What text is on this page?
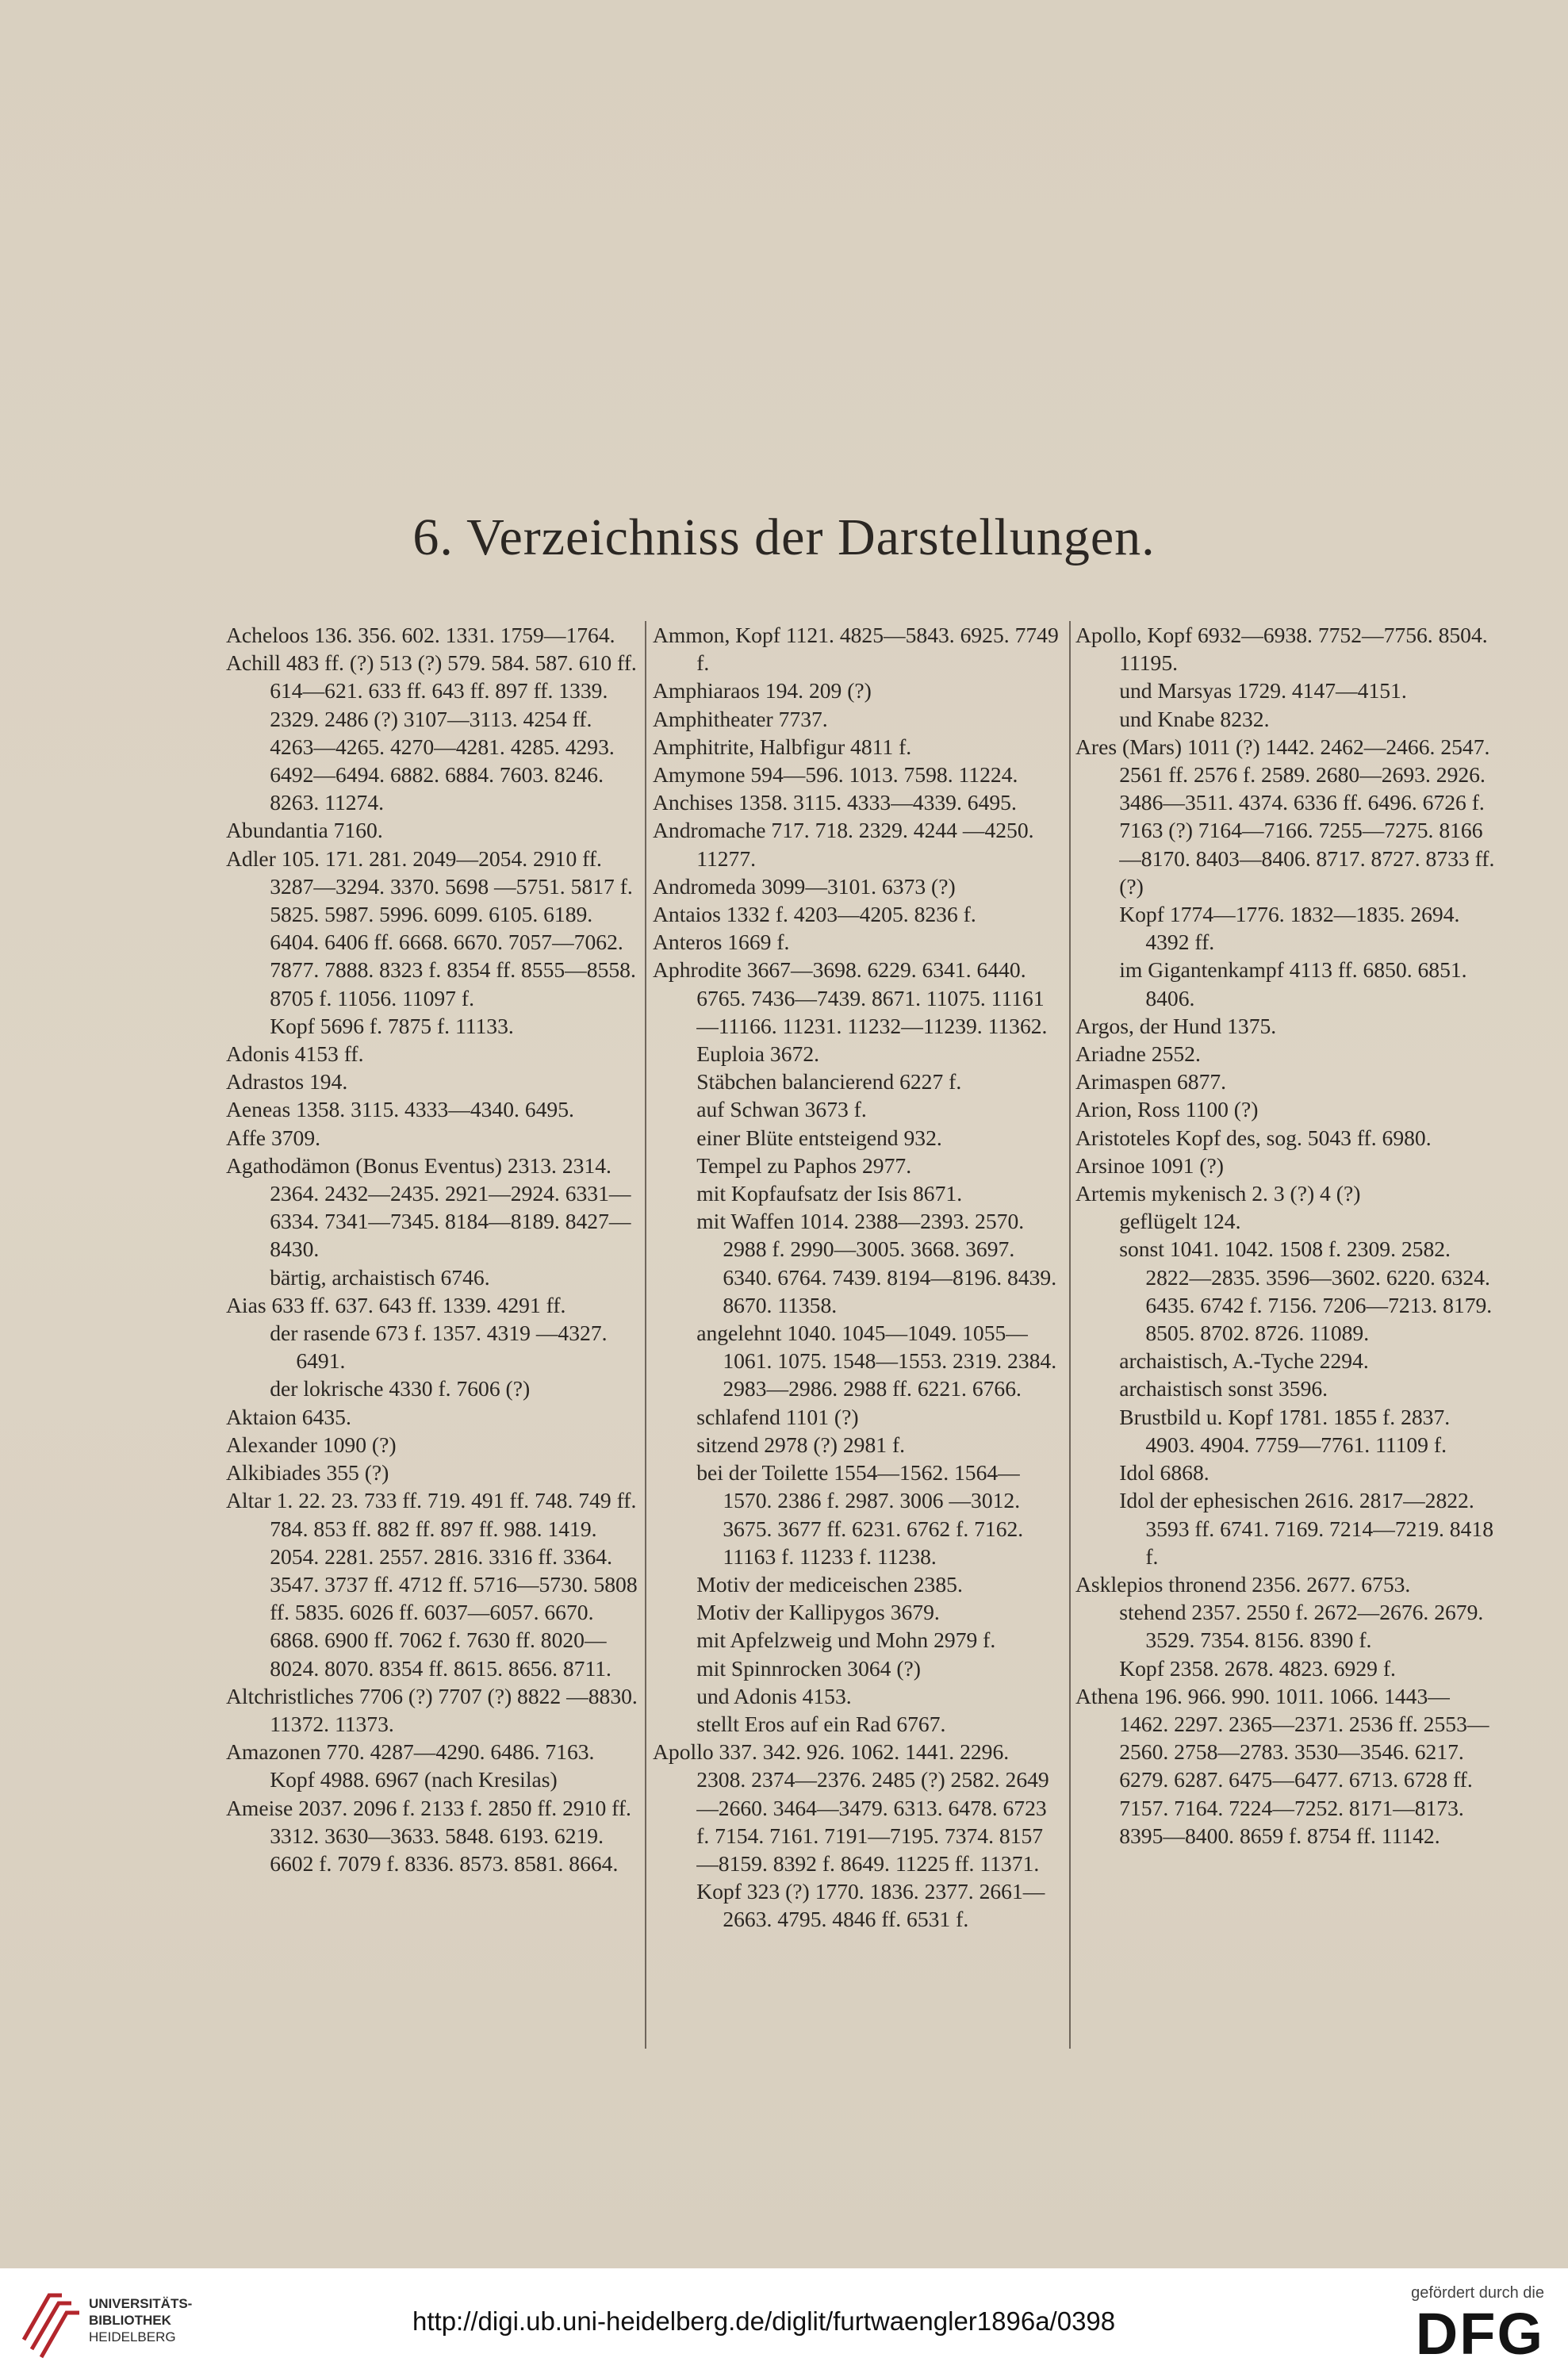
6. Verzeichniss der Darstellungen.
Acheloos 136. 356. 602. 1331. 1759—1764.
Achill 483 ff. (?) 513 (?) 579. 584. 587. 610 ff. 614—621. 633 ff. 643 ff. 897 ff. 1339. 2329. 2486 (?) 3107—3113. 4254 ff. 4263—4265. 4270—4281. 4285. 4293. 6492—6494. 6882. 6884. 7603. 8246. 8263. 11274.
Abundantia 7160.
Adler 105. 171. 281. 2049—2054. 2910 ff. 3287—3294. 3370. 5698 —5751. 5817 f. 5825. 5987. 5996. 6099. 6105. 6189. 6404. 6406 ff. 6668. 6670. 7057—7062. 7877. 7888. 8323 f. 8354 ff. 8555—8558. 8705 f. 11056. 11097 f.
Kopf 5696 f. 7875 f. 11133.
Adonis 4153 ff.
Adrastos 194.
Aeneas 1358. 3115. 4333—4340. 6495.
Affe 3709.
Agathodämon (Bonus Eventus) 2313. 2314. 2364. 2432—2435. 2921—2924. 6331—6334. 7341—7345. 8184—8189. 8427—8430.
bärtig, archaistisch 6746.
Aias 633 ff. 637. 643 ff. 1339. 4291 ff.
der rasende 673 f. 1357. 4319 —4327. 6491.
der lokrische 4330 f. 7606 (?)
Aktaion 6435.
Alexander 1090 (?)
Alkibiades 355 (?)
Altar 1. 22. 23. 733 ff. 719. 491 ff. 748. 749 ff. 784. 853 ff. 882 ff. 897 ff. 988. 1419. 2054. 2281. 2557. 2816. 3316 ff. 3364. 3547. 3737 ff. 4712 ff. 5716—5730. 5808 ff. 5835. 6026 ff. 6037—6057. 6670. 6868. 6900 ff. 7062 f. 7630 ff. 8020—8024. 8070. 8354 ff. 8615. 8656. 8711.
Altchristliches 7706 (?) 7707 (?) 8822 —8830. 11372. 11373.
Amazonen 770. 4287—4290. 6486. 7163.
Kopf 4988. 6967 (nach Kresilas)
Ameise 2037. 2096 f. 2133 f. 2850 ff. 2910 ff. 3312. 3630—3633. 5848. 6193. 6219. 6602 f. 7079 f. 8336. 8573. 8581. 8664.
Ammon, Kopf 1121. 4825—5843. 6925. 7749 f.
Amphiaraos 194. 209 (?)
Amphitheater 7737.
Amphitrite, Halbfigur 4811 f.
Amymone 594—596. 1013. 7598. 11224.
Anchises 1358. 3115. 4333—4339. 6495.
Andromache 717. 718. 2329. 4244 —4250. 11277.
Andromeda 3099—3101. 6373 (?)
Antaios 1332 f. 4203—4205. 8236 f.
Anteros 1669 f.
Aphrodite 3667—3698. 6229. 6341. 6440. 6765. 7436—7439. 8671. 11075. 11161—11166. 11231. 11232—11239. 11362.
Euploia 3672.
Stäbchen balancierend 6227 f.
auf Schwan 3673 f.
einer Blüte entsteigend 932.
Tempel zu Paphos 2977.
mit Kopfaufsatz der Isis 8671.
mit Waffen 1014. 2388—2393. 2570. 2988 f. 2990—3005. 3668. 3697. 6340. 6764. 7439. 8194—8196. 8439. 8670. 11358.
angelehnt 1040. 1045—1049. 1055—1061. 1075. 1548—1553. 2319. 2384. 2983—2986. 2988 ff. 6221. 6766.
schlafend 1101 (?)
sitzend 2978 (?) 2981 f.
bei der Toilette 1554—1562. 1564—1570. 2386 f. 2987. 3006 —3012. 3675. 3677 ff. 6231. 6762 f. 7162. 11163 f. 11233 f. 11238.
Motiv der mediceischen 2385.
Motiv der Kallipygos 3679.
mit Apfelzweig und Mohn 2979 f.
mit Spinnrocken 3064 (?)
und Adonis 4153.
stellt Eros auf ein Rad 6767.
Apollo 337. 342. 926. 1062. 1441. 2296. 2308. 2374—2376. 2485 (?) 2582. 2649—2660. 3464—3479. 6313. 6478. 6723 f. 7154. 7161. 7191—7195. 7374. 8157—8159. 8392 f. 8649. 11225 ff. 11371.
Kopf 323 (?) 1770. 1836. 2377. 2661—2663. 4795. 4846 ff. 6531 f.
Apollo, Kopf 6932—6938. 7752—7756. 8504. 11195.
und Marsyas 1729. 4147—4151.
und Knabe 8232.
Ares (Mars) 1011 (?) 1442. 2462—2466. 2547. 2561 ff. 2576 f. 2589. 2680—2693. 2926. 3486—3511. 4374. 6336 ff. 6496. 6726 f. 7163 (?) 7164—7166. 7255—7275. 8166—8170. 8403—8406. 8717. 8727. 8733 ff. (?)
Kopf 1774—1776. 1832—1835. 2694. 4392 ff.
im Gigantenkampf 4113 ff. 6850. 6851. 8406.
Argos, der Hund 1375.
Ariadne 2552.
Arimaspen 6877.
Arion, Ross 1100 (?)
Aristoteles Kopf des, sog. 5043 ff. 6980.
Arsinoe 1091 (?)
Artemis mykenisch 2. 3 (?) 4 (?)
geflügelt 124.
sonst 1041. 1042. 1508 f. 2309. 2582. 2822—2835. 3596—3602. 6220. 6324. 6435. 6742 f. 7156. 7206—7213. 8179. 8505. 8702. 8726. 11089.
archaistisch, A.-Tyche 2294.
archaistisch sonst 3596.
Brustbild u. Kopf 1781. 1855 f. 2837. 4903. 4904. 7759—7761. 11109 f.
Idol 6868.
Idol der ephesischen 2616. 2817—2822. 3593 ff. 6741. 7169. 7214—7219. 8418 f.
Asklepios thronend 2356. 2677. 6753.
stehend 2357. 2550 f. 2672—2676. 2679. 3529. 7354. 8156. 8390 f.
Kopf 2358. 2678. 4823. 6929 f.
Athena 196. 966. 990. 1011. 1066. 1443—1462. 2297. 2365—2371. 2536 ff. 2553—2560. 2758—2783. 3530—3546. 6217. 6279. 6287. 6475—6477. 6713. 6728 ff. 7157. 7164. 7224—7252. 8171—8173. 8395—8400. 8659 f. 8754 ff. 11142.
UNIVERSITÄTS-
BIBLIOTHEK
HEIDELBERG
http://digi.ub.uni-heidelberg.de/diglit/furtwaengler1896a/0398
gefördert durch die
DFG
